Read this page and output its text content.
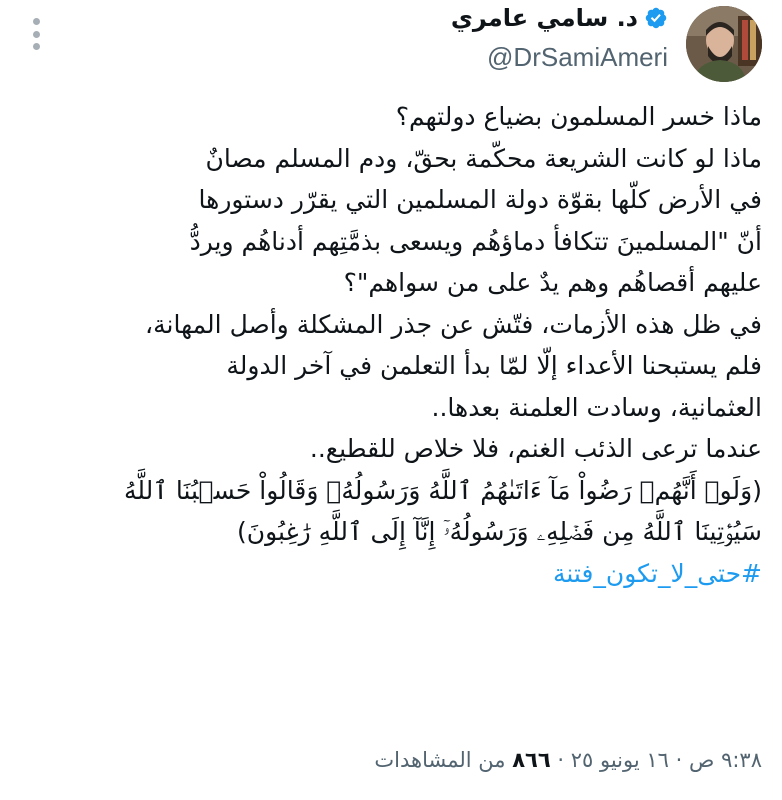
د. سامي عامري
@DrSamiAmeri
ماذا خسر المسلمون بضياع دولتهم؟
ماذا لو كانت الشريعة محكّمة بحقّ، ودم المسلم مصانٌ
في الأرض كلّها بقوّة دولة المسلمين التي يقرّر دستورها
أنّ "المسلمينَ تتكافأ دماؤهُم ويسعى بذمَّتِهم أدناهُم ويردُّ
عليهم أقصاهُم وهم يدٌ على من سواهم"؟
في ظل هذه الأزمات، فتّش عن جذر المشكلة وأصل المهانة،
فلم يستبحنا الأعداء إلّا لمّا بدأ التعلمن في آخر الدولة
العثمانية، وسادت العلمنة بعدها..
عندما ترعى الذئب الغنم، فلا خلاص للقطيع..
(وَلَوۡ أَنَّهُمۡ رَضُواْ مَآ ءَاتَىٰهُمُ ٱللَّهُ وَرَسُولُهُۥ وَقَالُواْ حَسۡبُنَا ٱللَّهُ
سَيُؤۡتِينَا ٱللَّهُ مِن فَضۡلِهِۦ وَرَسُولُهُۥٓ إِنَّآ إِلَى ٱللَّهِ رَٰغِبُونَ)
#حتى_لا_تكون_فتنة
٩:٣٨ ص · ١٦ يونيو ٢٥ · ٨٦٦ من المشاهدات
